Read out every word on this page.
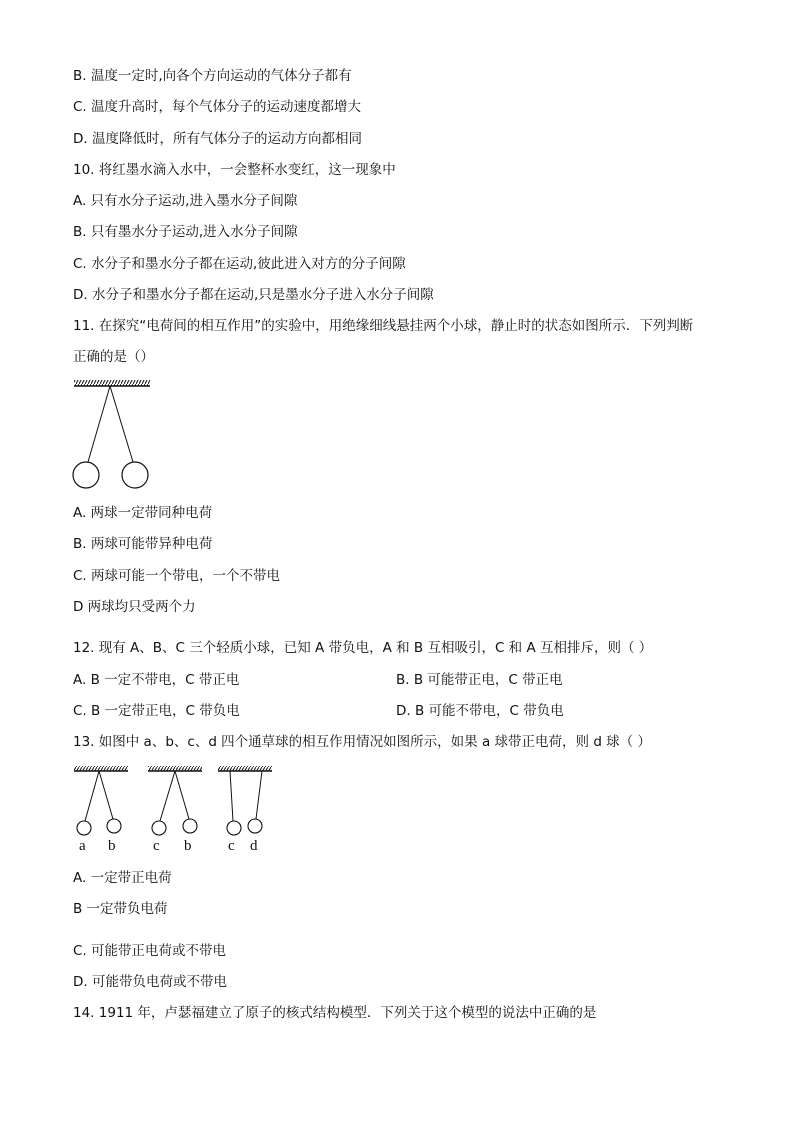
B. 温度一定时,向各个方向运动的气体分子都有
C. 温度升高时，每个气体分子的运动速度都增大
D. 温度降低时，所有气体分子的运动方向都相同
10. 将红墨水滴入水中，一会整杯水变红，这一现象中
A. 只有水分子运动,进入墨水分子间隙
B. 只有墨水分子运动,进入水分子间隙
C. 水分子和墨水分子都在运动,彼此进入对方的分子间隙
D. 水分子和墨水分子都在运动,只是墨水分子进入水分子间隙
11. 在探究“电荷间的相互作用”的实验中，用绝缘细线悬挂两个小球，静止时的状态如图所示．下列判断
正确的是（）
A. 两球一定带同种电荷
B. 两球可能带异种电荷
C. 两球可能一个带电，一个不带电
D 两球均只受两个力
12. 现有 A、B、C 三个轻质小球，已知 A 带负电，A 和 B 互相吸引，C 和 A 互相排斥，则（ ）
A. B 一定不带电，C 带正电	B. B 可能带正电，C 带正电
C. B 一定带正电，C 带负电	D. B 可能不带电，C 带负电
13. 如图中 a、b、c、d 四个通草球的相互作用情况如图所示，如果 a 球带正电荷，则 d 球（ ）
a b	c b c d
A. 一定带正电荷
B 一定带负电荷
C. 可能带正电荷或不带电
D. 可能带负电荷或不带电
14. 1911 年，卢瑟福建立了原子的核式结构模型．下列关于这个模型的说法中正确的是
